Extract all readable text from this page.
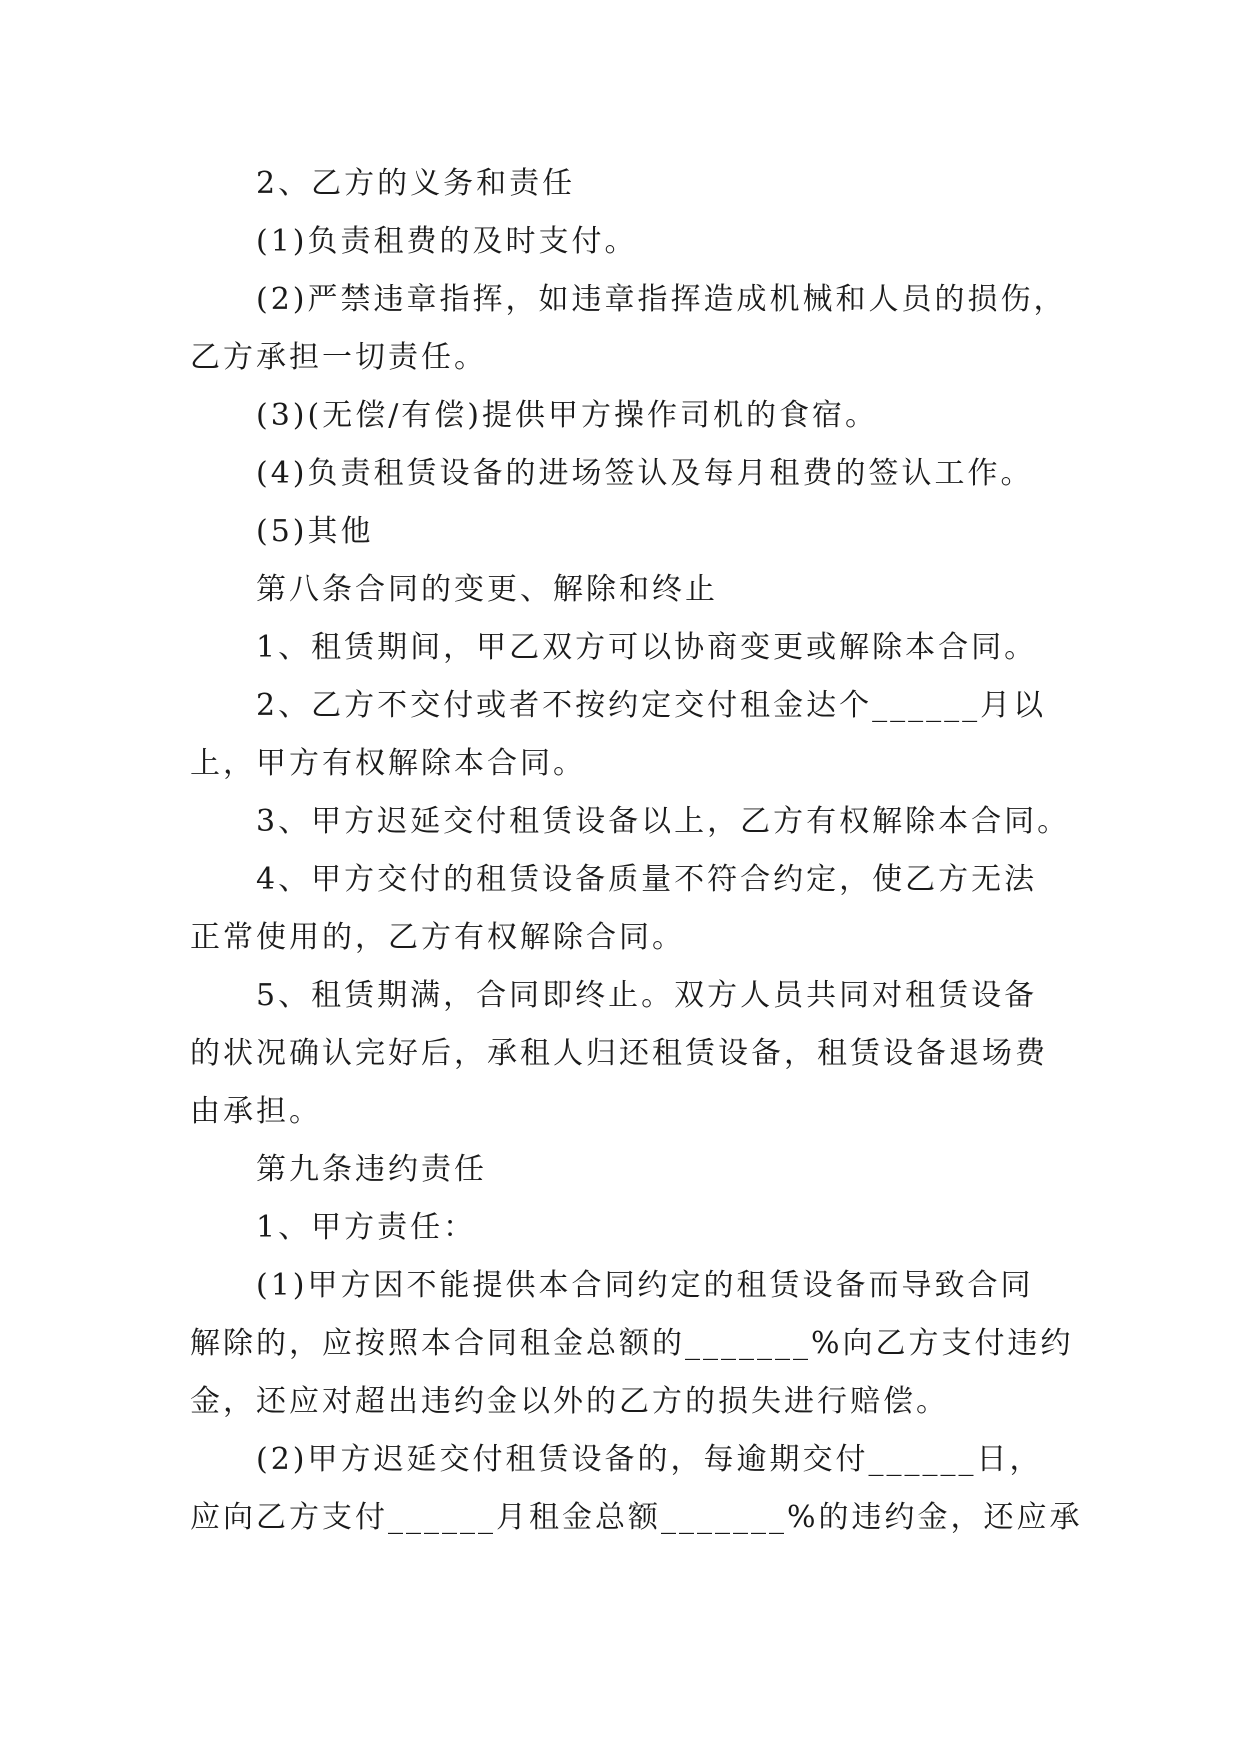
2、乙方的义务和责任
(1)负责租费的及时支付。
(2)严禁违章指挥，如违章指挥造成机械和人员的损伤，
乙方承担一切责任。
(3)(无偿/有偿)提供甲方操作司机的食宿。
(4)负责租赁设备的进场签认及每月租费的签认工作。
(5)其他
第八条合同的变更、解除和终止
1、租赁期间，甲乙双方可以协商变更或解除本合同。
2、乙方不交付或者不按约定交付租金达个______月以
上，甲方有权解除本合同。
3、甲方迟延交付租赁设备以上，乙方有权解除本合同。
4、甲方交付的租赁设备质量不符合约定，使乙方无法
正常使用的，乙方有权解除合同。
5、租赁期满，合同即终止。双方人员共同对租赁设备
的状况确认完好后，承租人归还租赁设备，租赁设备退场费
由承担。
第九条违约责任
1、甲方责任：
(1)甲方因不能提供本合同约定的租赁设备而导致合同
解除的，应按照本合同租金总额的_______%向乙方支付违约
金，还应对超出违约金以外的乙方的损失进行赔偿。
(2)甲方迟延交付租赁设备的，每逾期交付______日，
应向乙方支付______月租金总额_______%的违约金，还应承
